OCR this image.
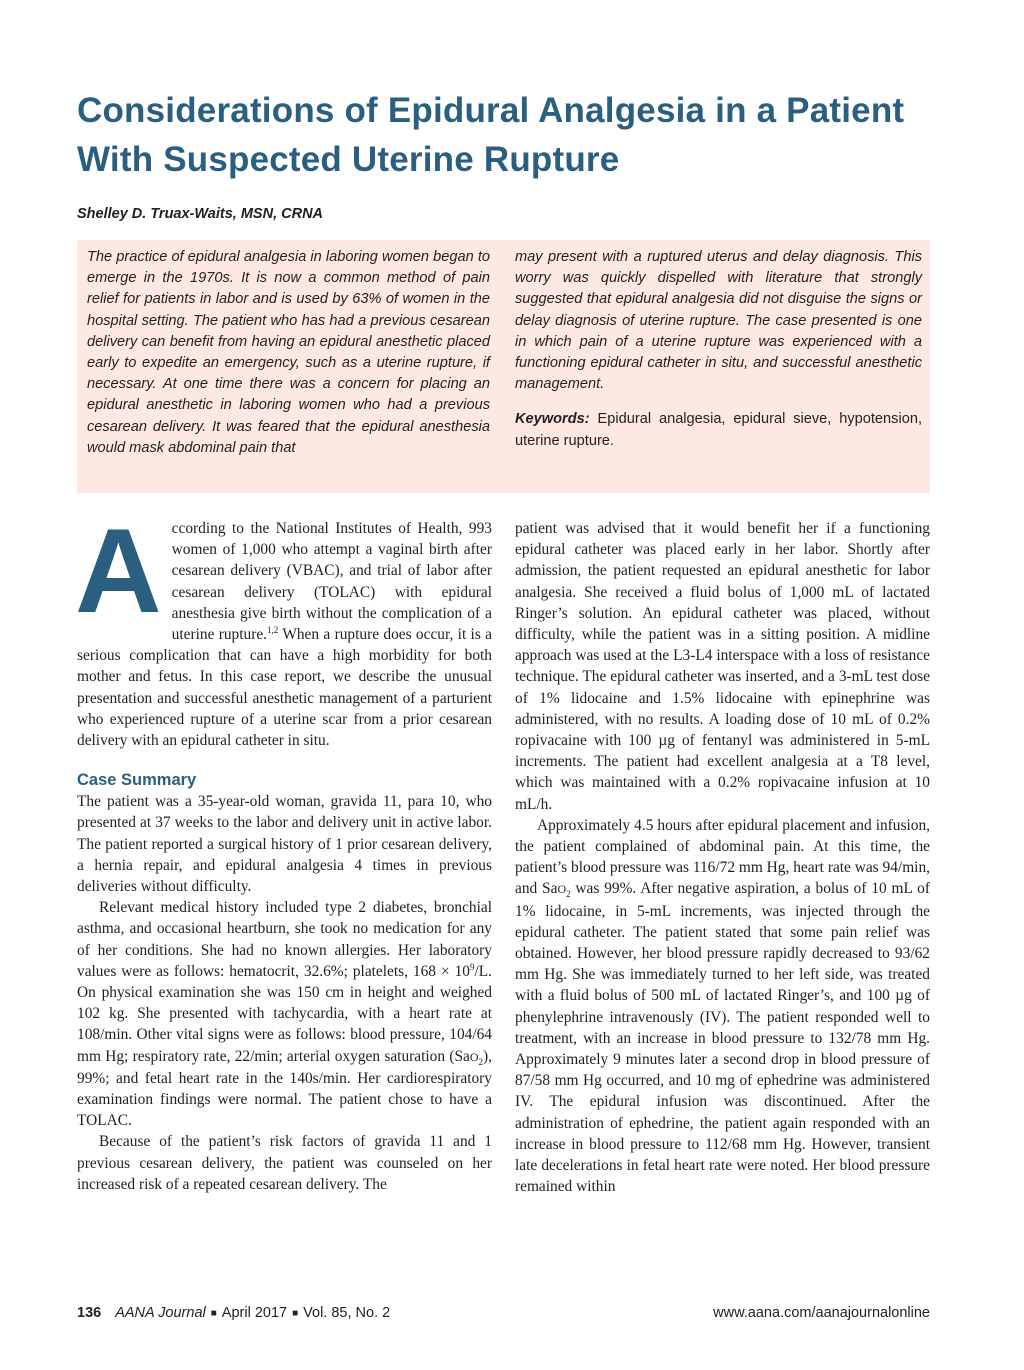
Considerations of Epidural Analgesia in a Patient With Suspected Uterine Rupture
Shelley D. Truax-Waits, MSN, CRNA

The practice of epidural analgesia in laboring women began to emerge in the 1970s. It is now a common method of pain relief for patients in labor and is used by 63% of women in the hospital setting. The patient who has had a previous cesarean delivery can benefit from having an epidural anesthetic placed early to expedite an emergency, such as a uterine rupture, if necessary. At one time there was a concern for placing an epidural anesthetic in laboring women who had a previous cesarean delivery. It was feared that the epidural anesthesia would mask abdominal pain that

may present with a ruptured uterus and delay diagnosis. This worry was quickly dispelled with literature that strongly suggested that epidural analgesia did not disguise the signs or delay diagnosis of uterine rupture. The case presented is one in which pain of a uterine rupture was experienced with a functioning epidural catheter in situ, and successful anesthetic management.

Keywords: Epidural analgesia, epidural sieve, hypotension, uterine rupture.

According to the National Institutes of Health, 993 women of 1,000 who attempt a vaginal birth after cesarean delivery (VBAC), and trial of labor after cesarean delivery (TOLAC) with epidural anesthesia give birth without the complication of a uterine rupture.$^{1,2}$ When a rupture does occur, it is a serious complication that can have a high morbidity for both mother and fetus. In this case report, we describe the unusual presentation and successful anesthetic management of a parturient who experienced rupture of a uterine scar from a prior cesarean delivery with an epidural catheter in situ.

Case Summary

The patient was a 35-year-old woman, gravida 11, para 10, who presented at 37 weeks to the labor and delivery unit in active labor. The patient reported a surgical history of 1 prior cesarean delivery, a hernia repair, and epidural analgesia 4 times in previous deliveries without difficulty.

Relevant medical history included type 2 diabetes, bronchial asthma, and occasional heartburn, she took no medication for any of her conditions. She had no known allergies. Her laboratory values were as follows: hematocrit, 32.6%; platelets, $168 \times 10^9/L$. On physical examination she was 150 cm in height and weighed 102 kg. She presented with tachycardia, with a heart rate at 108/min. Other vital signs were as follows: blood pressure, 104/64 mm Hg; respiratory rate, 22/min; arterial oxygen saturation (SaO$_2$), 99%; and fetal heart rate in the 140s/min. Her cardiorespiratory examination findings were normal. The patient chose to have a TOLAC.

Because of the patient’s risk factors of gravida 11 and 1 previous cesarean delivery, the patient was counseled on her increased risk of a repeated cesarean delivery. The

patient was advised that it would benefit her if a functioning epidural catheter was placed early in her labor. Shortly after admission, the patient requested an epidural anesthetic for labor analgesia. She received a fluid bolus of 1,000 mL of lactated Ringer’s solution. An epidural catheter was placed, without difficulty, while the patient was in a sitting position. A midline approach was used at the L3-L4 interspace with a loss of resistance technique. The epidural catheter was inserted, and a 3-mL test dose of 1% lidocaine and 1.5% lidocaine with epinephrine was administered, with no results. A loading dose of 10 mL of 0.2% ropivacaine with 100 µg of fentanyl was administered in 5-mL increments. The patient had excellent analgesia at a T8 level, which was maintained with a 0.2% ropivacaine infusion at 10 mL/h.

Approximately 4.5 hours after epidural placement and infusion, the patient complained of abdominal pain. At this time, the patient’s blood pressure was 116/72 mm Hg, heart rate was 94/min, and SaO$_2$ was 99%. After negative aspiration, a bolus of 10 mL of 1% lidocaine, in 5-mL increments, was injected through the epidural catheter. The patient stated that some pain relief was obtained. However, her blood pressure rapidly decreased to 93/62 mm Hg. She was immediately turned to her left side, was treated with a fluid bolus of 500 mL of lactated Ringer’s, and 100 µg of phenylephrine intravenously (IV). The patient responded well to treatment, with an increase in blood pressure to 132/78 mm Hg. Approximately 9 minutes later a second drop in blood pressure of 87/58 mm Hg occurred, and 10 mg of ephedrine was administered IV. The epidural infusion was discontinued. After the administration of ephedrine, the patient again responded with an increase in blood pressure to 112/68 mm Hg. However, transient late decelerations in fetal heart rate were noted. Her blood pressure remained within

136 AANA Journal ■ April 2017 ■ Vol. 85, No. 2	www.aana.com/aanajournalonline
